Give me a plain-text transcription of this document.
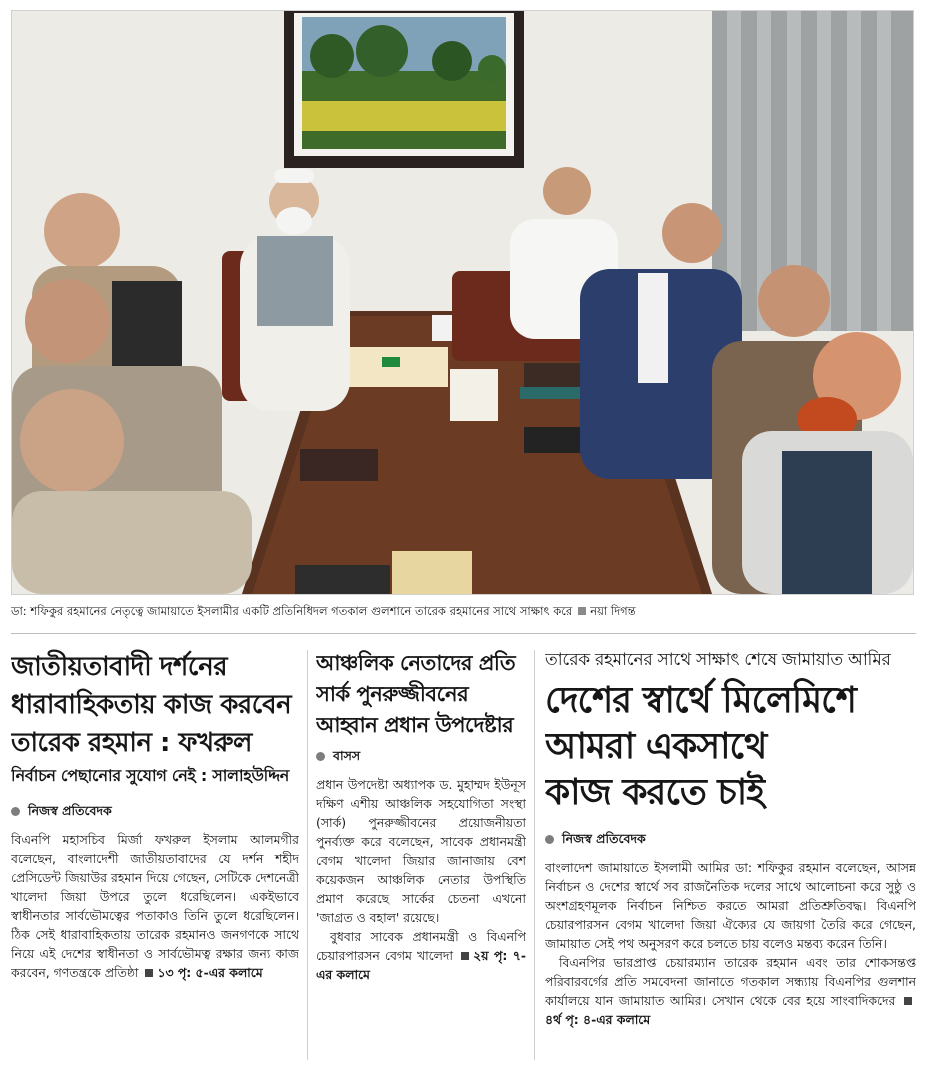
ডা: শফিকুর রহমানের নেতৃত্বে জামায়াতে ইসলামীর একটি প্রতিনিধিদল গতকাল গুলশানে তারেক রহমানের সাথে সাক্ষাৎ করে নয়া দিগন্ত

জাতীয়তাবাদী দর্শনের

ধারাবাহিকতায় কাজ করবেন

তারেক রহমান : ফখরুল

নির্বাচন পেছানোর সুযোগ নেই : সালাহউদ্দিন

নিজস্ব প্রতিবেদক

বিএনপি মহাসচিব মির্জা ফখরুল ইসলাম আলমগীর বলেছেন, বাংলাদেশী জাতীয়তাবাদের যে দর্শন শহীদ প্রেসিডেন্ট জিয়াউর রহমান দিয়ে গেছেন, সেটিকে দেশনেত্রী খালেদা জিয়া উপরে তুলে ধরেছিলেন। একইভাবে স্বাধীনতার সার্বভৌমত্বের পতাকাও তিনি তুলে ধরেছিলেন। ঠিক সেই ধারাবাহিকতায় তারেক রহমানও জনগণকে সাথে নিয়ে এই দেশের স্বাধীনতা ও সার্বভৌমত্ব রক্ষার জন্য কাজ করবেন, গণতন্ত্রকে প্রতিষ্ঠা ১৩ পৃ: ৫-এর কলামে

আঞ্চলিক নেতাদের প্রতি

সার্ক পুনরুজ্জীবনের

আহ্বান প্রধান উপদেষ্টার

বাসস

প্রধান উপদেষ্টা অধ্যাপক ড. মুহাম্মদ ইউনূস দক্ষিণ এশীয় আঞ্চলিক সহযোগিতা সংস্থা (সার্ক) পুনরুজ্জীবনের প্রয়োজনীয়তা পুনর্ব্যক্ত করে বলেছেন, সাবেক প্রধানমন্ত্রী বেগম খালেদা জিয়ার জানাজায় বেশ কয়েকজন আঞ্চলিক নেতার উপস্থিতি প্রমাণ করেছে সার্কের চেতনা এখনো 'জাগ্রত ও বহাল' রয়েছে।

বুধবার সাবেক প্রধানমন্ত্রী ও বিএনপি চেয়ারপারসন বেগম খালেদা ২য় পৃ: ৭-এর কলামে

তারেক রহমানের সাথে সাক্ষাৎ শেষে জামায়াত আমির

দেশের স্বার্থে মিলেমিশে

আমরা একসাথে

কাজ করতে চাই

নিজস্ব প্রতিবেদক

বাংলাদেশ জামায়াতে ইসলামী আমির ডা: শফিকুর রহমান বলেছেন, আসন্ন নির্বাচন ও দেশের স্বার্থে সব রাজনৈতিক দলের সাথে আলোচনা করে সুষ্ঠু ও অংশগ্রহণমূলক নির্বাচন নিশ্চিত করতে আমরা প্রতিশ্রুতিবদ্ধ। বিএনপি চেয়ারপারসন বেগম খালেদা জিয়া ঐক্যের যে জায়গা তৈরি করে গেছেন, জামায়াত সেই পথ অনুসরণ করে চলতে চায় বলেও মন্তব্য করেন তিনি।

বিএনপির ভারপ্রাপ্ত চেয়ারম্যান তারেক রহমান এবং তার শোকসন্তপ্ত পরিবারবর্গের প্রতি সমবেদনা জানাতে গতকাল সন্ধ্যায় বিএনপির গুলশান কার্যালয়ে যান জামায়াত আমির। সেখান থেকে বের হয়ে সাংবাদিকদের ৪র্থ পৃ: ৪-এর কলামে
